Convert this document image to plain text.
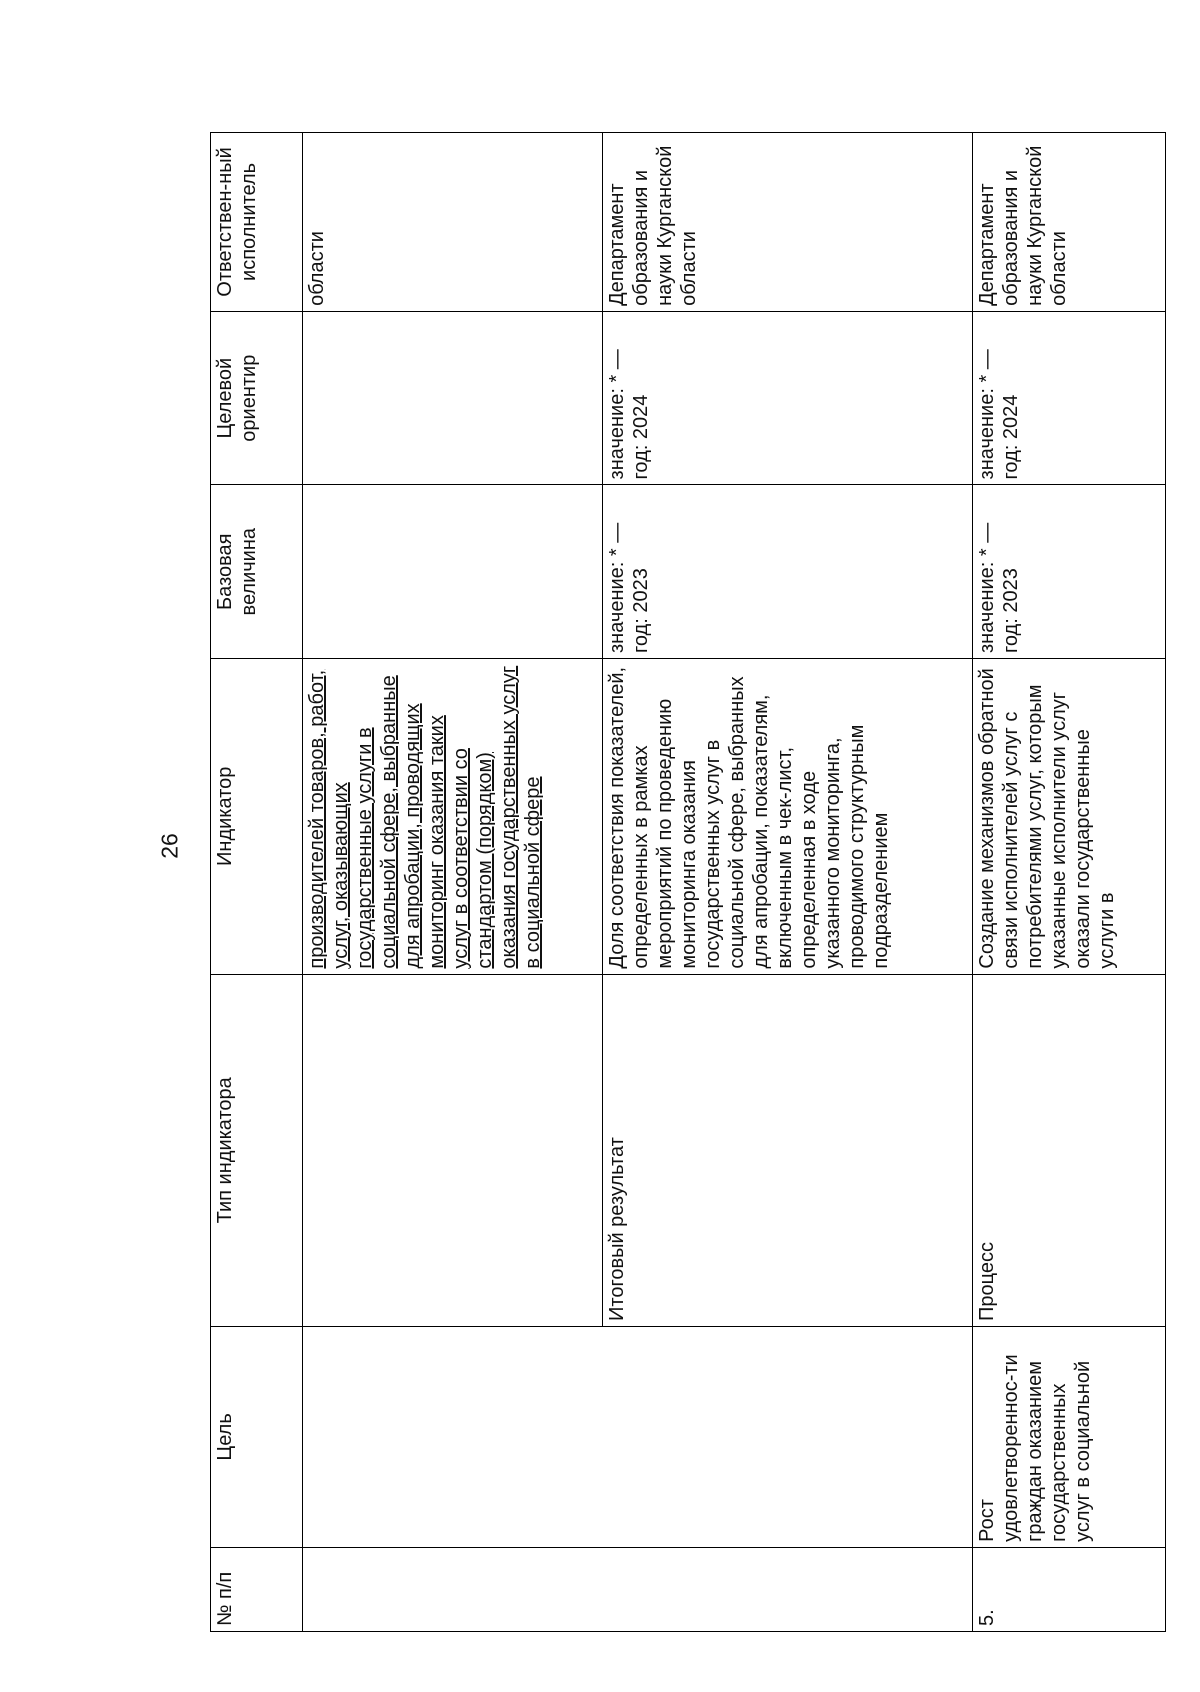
26
№ п/п	Цель	Тип индикатора	Индикатор	Базовая величина	Целевой ориентир	Ответствен-ный исполнитель
			производителей товаров, работ, услуг, оказывающих государственные услуги в социальной сфере, выбранные для апробации, проводящих мониторинг оказания таких услуг в соответствии со стандартом (порядком) оказания государственных услуг в социальной сфере			области
		Итоговый результат	Доля соответствия показателей, определенных в рамках мероприятий по проведению мониторинга оказания государственных услуг в социальной сфере, выбранных для апробации, показателям, включенным в чек-лист, определенная в ходе указанного мониторинга, проводимого структурным подразделением	значение: * — год: 2023	значение: * — год: 2024	Департамент образования и науки Курганской области
5.	Рост удовлетвореннос-ти граждан оказанием государственных услуг в социальной	Процесс	Создание механизмов обратной связи исполнителей услуг с потребителями услуг, которым указанные исполнители услуг оказали государственные услуги в	значение: * — год: 2023	значение: * — год: 2024	Департамент образования и науки Курганской области
